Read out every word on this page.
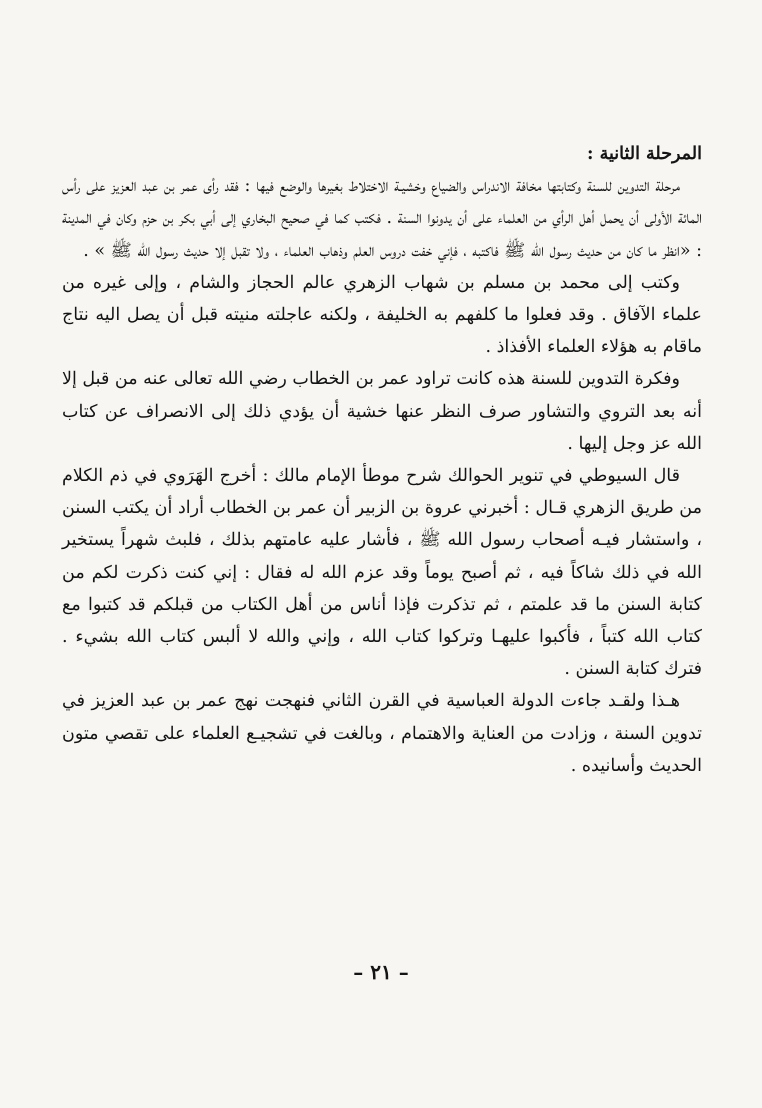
المرحلة الثانية :

مرحلة التدوين للسنة وكتابتها مخافة الاندراس والضياع وخشيـة الاختلاط بغيرها والوضع فيها : فقد رأى عمر بن عبد العزيز على رأس المائة الأولى أن يحمل أهل الرأي من العلماء على أن يدونوا السنة . فكتب كما في صحيح البخاري إلى أبي بكر بن حزم وكان في المدينة : «انظر ما كان من حديث رسول الله ﷺ فاكتبه ، فإني خفت دروس العلم وذهاب العلماء ، ولا تقبل إلا حديث رسول الله ﷺ » .

وكتب إلى محمد بن مسلم بن شهاب الزهري عالم الحجاز والشام ، وإلى غيره من علماء الآفاق . وقد فعلوا ما كلفهم به الخليفة ، ولكنه عاجلته منيته قبل أن يصل اليه نتاج ماقام به هؤلاء العلماء الأفذاذ .

وفكرة التدوين للسنة هذه كانت تراود عمر بن الخطاب رضي الله تعالى عنه من قبل إلا أنه بعد التروي والتشاور صرف النظر عنها خشية أن يؤدي ذلك إلى الانصراف عن كتاب الله عز وجل إليها .

قال السيوطي في تنوير الحوالك شرح موطأ الإمام مالك : أخرج الهَرَوي في ذم الكلام من طريق الزهري قـال : أخبرني عروة بن الزبير أن عمر بن الخطاب أراد أن يكتب السنن ، واستشار فيـه أصحاب رسول الله ﷺ ، فأشار عليه عامتهم بذلك ، فلبث شهراً يستخير الله في ذلك شاكاً فيه ، ثم أصبح يوماً وقد عزم الله له فقال : إني كنت ذكرت لكم من كتابة السنن ما قد علمتم ، ثم تذكرت فإذا أناس من أهل الكتاب من قبلكم قد كتبوا مع كتاب الله كتباً ، فأكبوا عليهـا وتركوا كتاب الله ، وإني والله لا ألبس كتاب الله بشيء . فترك كتابة السنن .

هـذا ولقـد جاءت الدولة العباسية في القرن الثاني فنهجت نهج عمر بن عبد العزيز في تدوين السنة ، وزادت من العناية والاهتمام ، وبالغت في تشجيـع العلماء على تقصي متون الحديث وأسانيده .

– ٢١ –
